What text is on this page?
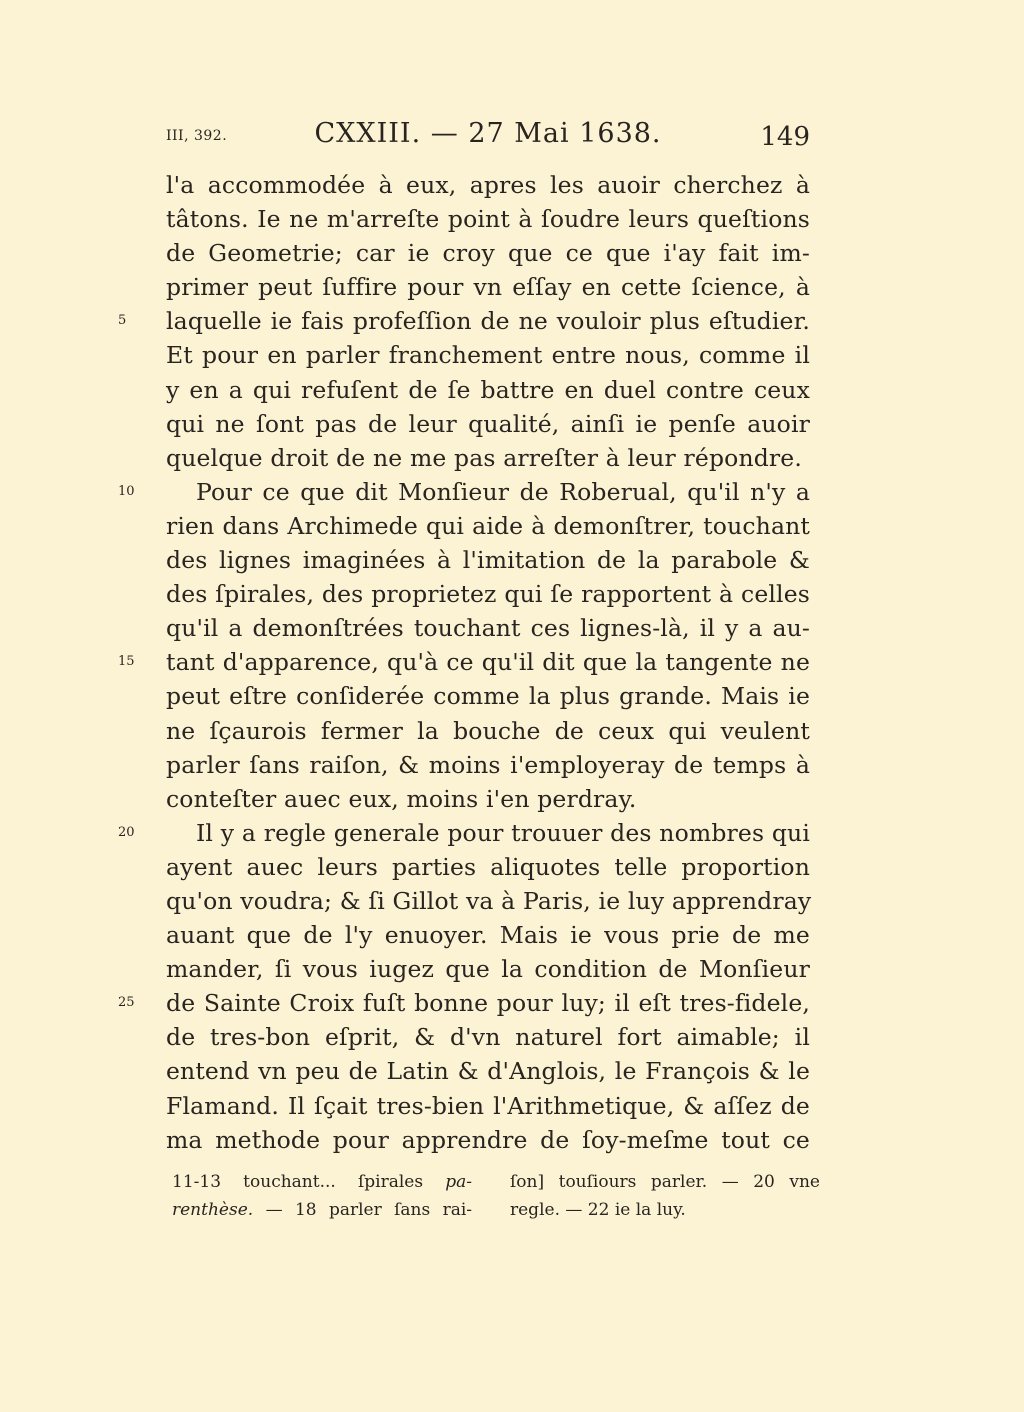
III, 392.	CXXIII. — 27 Mai 1638.	149
5
10
15
20
25
l'a accommodée à eux, apres les auoir cherchez à
tâtons. Ie ne m'arreſte point à ſoudre leurs queſtions
de Geometrie; car ie croy que ce que i'ay fait im-
primer peut ſuffire pour vn eſſay en cette ſcience, à
laquelle ie fais profeſſion de ne vouloir plus eſtudier.
Et pour en parler franchement entre nous, comme il
y en a qui refuſent de ſe battre en duel contre ceux
qui ne ſont pas de leur qualité, ainſi ie penſe auoir
quelque droit de ne me pas arreſter à leur répondre.
Pour ce que dit Monſieur de Roberual, qu'il n'y a
rien dans Archimede qui aide à demonſtrer, touchant
des lignes imaginées à l'imitation de la parabole &
des ſpirales, des proprietez qui ſe rapportent à celles
qu'il a demonſtrées touchant ces lignes-là, il y a au-
tant d'apparence, qu'à ce qu'il dit que la tangente ne
peut eſtre conſiderée comme la plus grande. Mais ie
ne ſçaurois fermer la bouche de ceux qui veulent
parler ſans raiſon, & moins i'employeray de temps à
conteſter auec eux, moins i'en perdray.
Il y a regle generale pour trouuer des nombres qui
ayent auec leurs parties aliquotes telle proportion
qu'on voudra; & ſi Gillot va à Paris, ie luy apprendray
auant que de l'y enuoyer. Mais ie vous prie de me
mander, ſi vous iugez que la condition de Monſieur
de Sainte Croix fuſt bonne pour luy; il eſt tres-fidele,
de tres-bon eſprit, & d'vn naturel fort aimable; il
entend vn peu de Latin & d'Anglois, le François & le
Flamand. Il ſçait tres-bien l'Arithmetique, & aſſez de
ma methode pour apprendre de ſoy-meſme tout ce
11-13 touchant... ſpirales pa-
renthèse. — 18 parler ſans rai-
ſon] touſiours parler. — 20 vne
regle. — 22 ie la luy.
